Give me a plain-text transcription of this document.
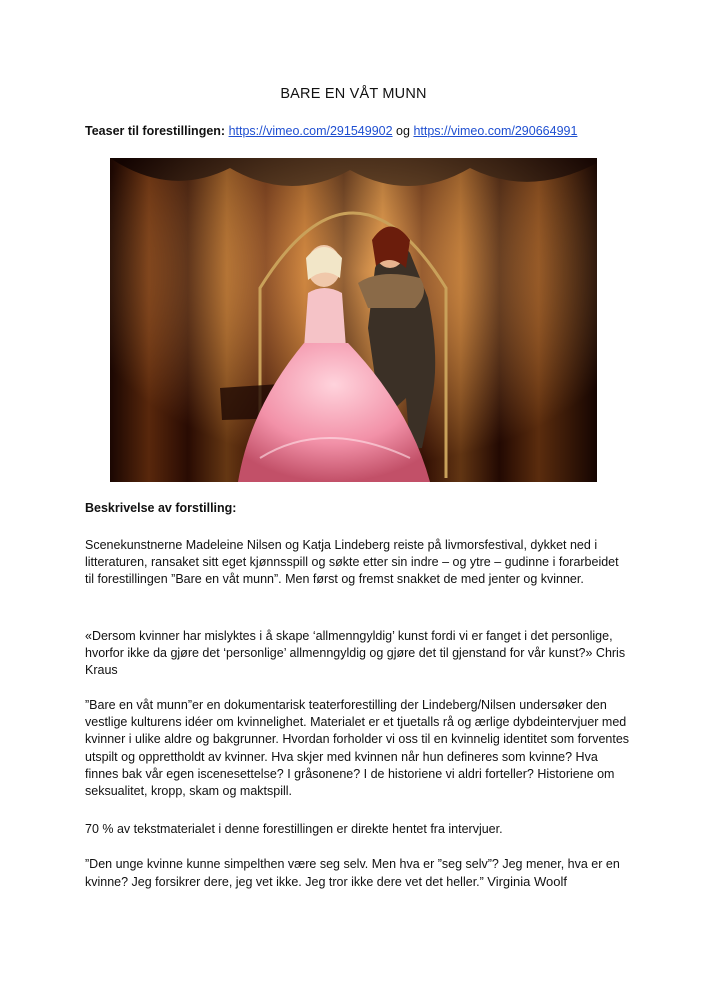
BARE EN VÅT MUNN
Teaser til forestillingen: https://vimeo.com/291549902 og https://vimeo.com/290664991
Beskrivelse av forstilling:
Scenekunstnerne Madeleine Nilsen og Katja Lindeberg reiste på livmorsfestival, dykket ned i litteraturen, ransaket sitt eget kjønnsspill og søkte etter sin indre – og ytre – gudinne i forarbeidet til forestillingen ”Bare en våt munn”. Men først og fremst snakket de med jenter og kvinner.
«Dersom kvinner har mislyktes i å skape ‘allmenngyldig’ kunst fordi vi er fanget i det personlige, hvorfor ikke da gjøre det ‘personlige’ allmenngyldig og gjøre det til gjenstand for vår kunst?» Chris Kraus
”Bare en våt munn”er en dokumentarisk teaterforestilling der Lindeberg/Nilsen undersøker den vestlige kulturens idéer om kvinnelighet. Materialet er et tjuetalls rå og ærlige dybdeintervjuer med kvinner i ulike aldre og bakgrunner. Hvordan forholder vi oss til en kvinnelig identitet som forventes utspilt og opprettholdt av kvinner. Hva skjer med kvinnen når hun defineres som kvinne? Hva finnes bak vår egen iscenesettelse? I gråsonene? I de historiene vi aldri forteller? Historiene om seksualitet, kropp, skam og maktspill.
70 % av tekstmaterialet i denne forestillingen er direkte hentet fra intervjuer.
”Den unge kvinne kunne simpelthen være seg selv. Men hva er ”seg selv”? Jeg mener, hva er en kvinne? Jeg forsikrer dere, jeg vet ikke. Jeg tror ikke dere vet det heller.” Virginia Woolf
